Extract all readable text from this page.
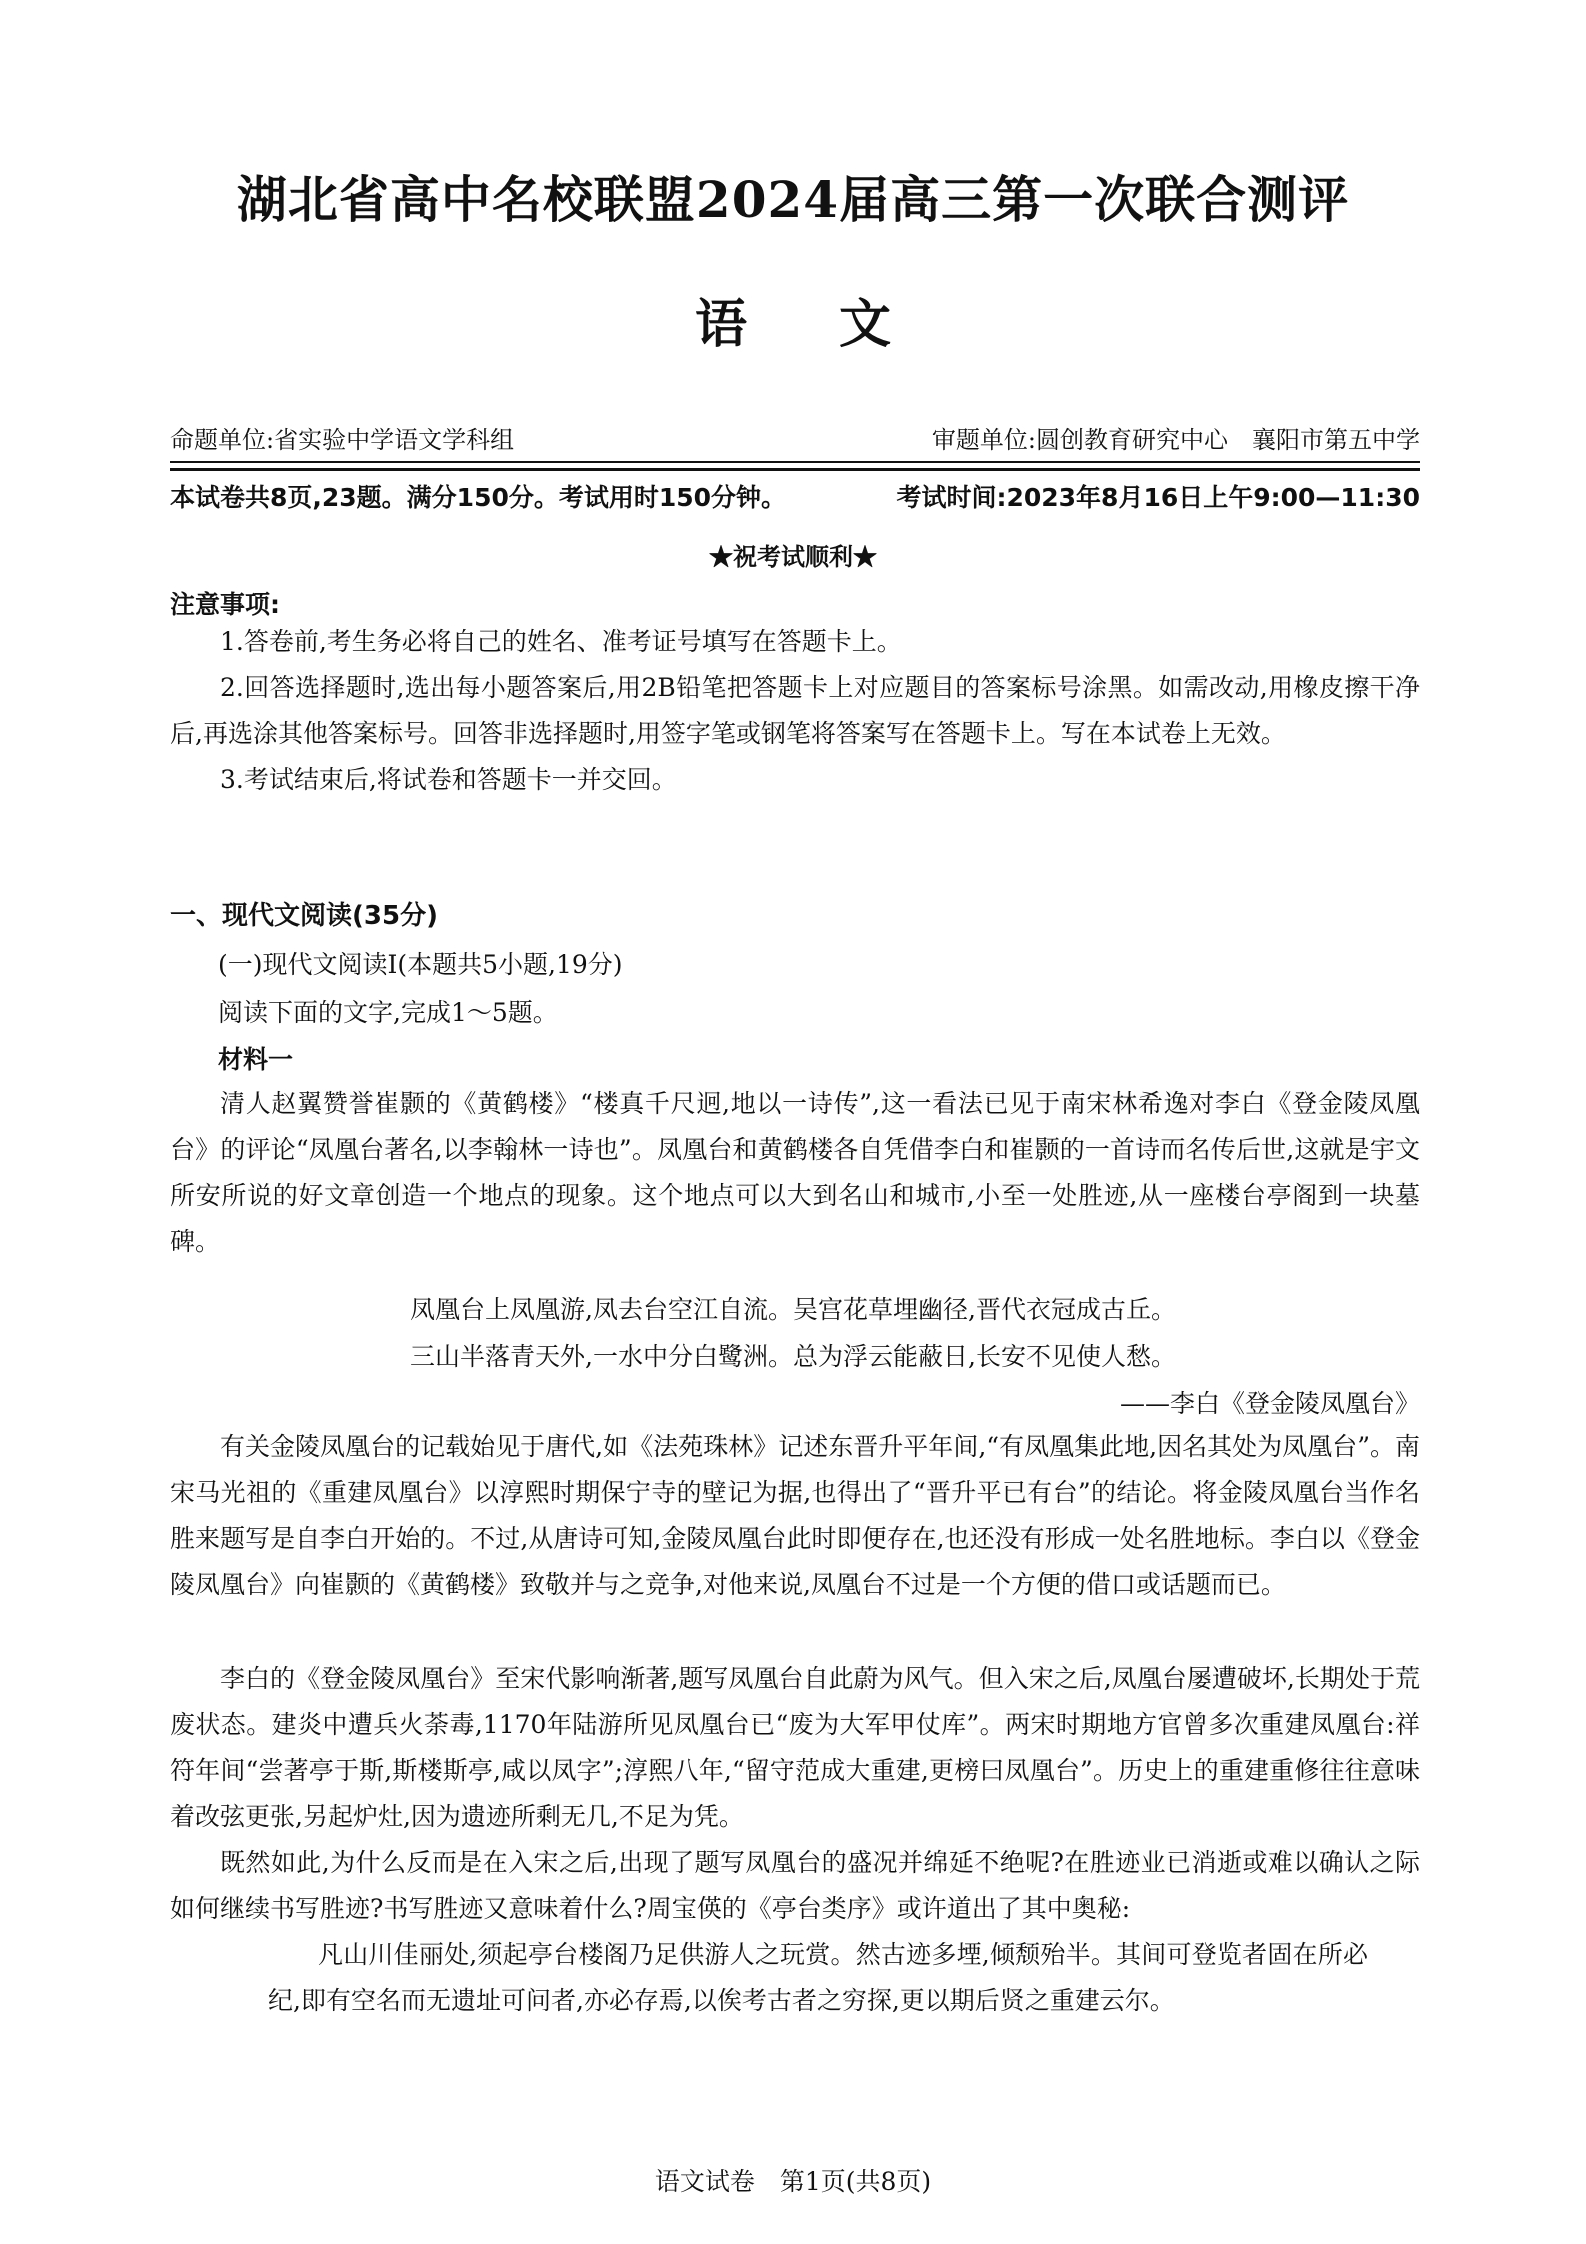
湖北省高中名校联盟2024届高三第一次联合测评
语文
命题单位:省实验中学语文学科组	审题单位:圆创教育研究中心　襄阳市第五中学
本试卷共8页,23题。满分150分。考试用时150分钟。	考试时间:2023年8月16日上午9:00—11:30
★祝考试顺利★
注意事项:

1.答卷前,考生务必将自己的姓名、准考证号填写在答题卡上。

2.回答选择题时,选出每小题答案后,用2B铅笔把答题卡上对应题目的答案标号涂黑。如需改动,用橡皮擦干净后,再选涂其他答案标号。回答非选择题时,用签字笔或钢笔将答案写在答题卡上。写在本试卷上无效。

3.考试结束后,将试卷和答题卡一并交回。

一、现代文阅读(35分)
(一)现代文阅读Ⅰ(本题共5小题,19分)
阅读下面的文字,完成1～5题。
材料一

清人赵翼赞誉崔颢的《黄鹤楼》“楼真千尺迥,地以一诗传”,这一看法已见于南宋林希逸对李白《登金陵凤凰台》的评论“凤凰台著名,以李翰林一诗也”。凤凰台和黄鹤楼各自凭借李白和崔颢的一首诗而名传后世,这就是宇文所安所说的好文章创造一个地点的现象。这个地点可以大到名山和城市,小至一处胜迹,从一座楼台亭阁到一块墓碑。

凤凰台上凤凰游,凤去台空江自流。吴宫花草埋幽径,晋代衣冠成古丘。
三山半落青天外,一水中分白鹭洲。总为浮云能蔽日,长安不见使人愁。
——李白《登金陵凤凰台》

有关金陵凤凰台的记载始见于唐代,如《法苑珠林》记述东晋升平年间,“有凤凰集此地,因名其处为凤凰台”。南宋马光祖的《重建凤凰台》以淳熙时期保宁寺的壁记为据,也得出了“晋升平已有台”的结论。将金陵凤凰台当作名胜来题写是自李白开始的。不过,从唐诗可知,金陵凤凰台此时即便存在,也还没有形成一处名胜地标。李白以《登金陵凤凰台》向崔颢的《黄鹤楼》致敬并与之竞争,对他来说,凤凰台不过是一个方便的借口或话题而已。

李白的《登金陵凤凰台》至宋代影响渐著,题写凤凰台自此蔚为风气。但入宋之后,凤凰台屡遭破坏,长期处于荒废状态。建炎中遭兵火荼毒,1170年陆游所见凤凰台已“废为大军甲仗库”。两宋时期地方官曾多次重建凤凰台:祥符年间“尝著亭于斯,斯楼斯亭,咸以凤字”;淳熙八年,“留守范成大重建,更榜曰凤凰台”。历史上的重建重修往往意味着改弦更张,另起炉灶,因为遗迹所剩无几,不足为凭。

既然如此,为什么反而是在入宋之后,出现了题写凤凰台的盛况并绵延不绝呢?在胜迹业已消逝或难以确认之际如何继续书写胜迹?书写胜迹又意味着什么?周宝偀的《亭台类序》或许道出了其中奥秘:

凡山川佳丽处,须起亭台楼阁乃足供游人之玩赏。然古迹多堙,倾颓殆半。其间可登览者固在所必纪,即有空名而无遗址可问者,亦必存焉,以俟考古者之穷探,更以期后贤之重建云尔。

语文试卷　第1页(共8页)
